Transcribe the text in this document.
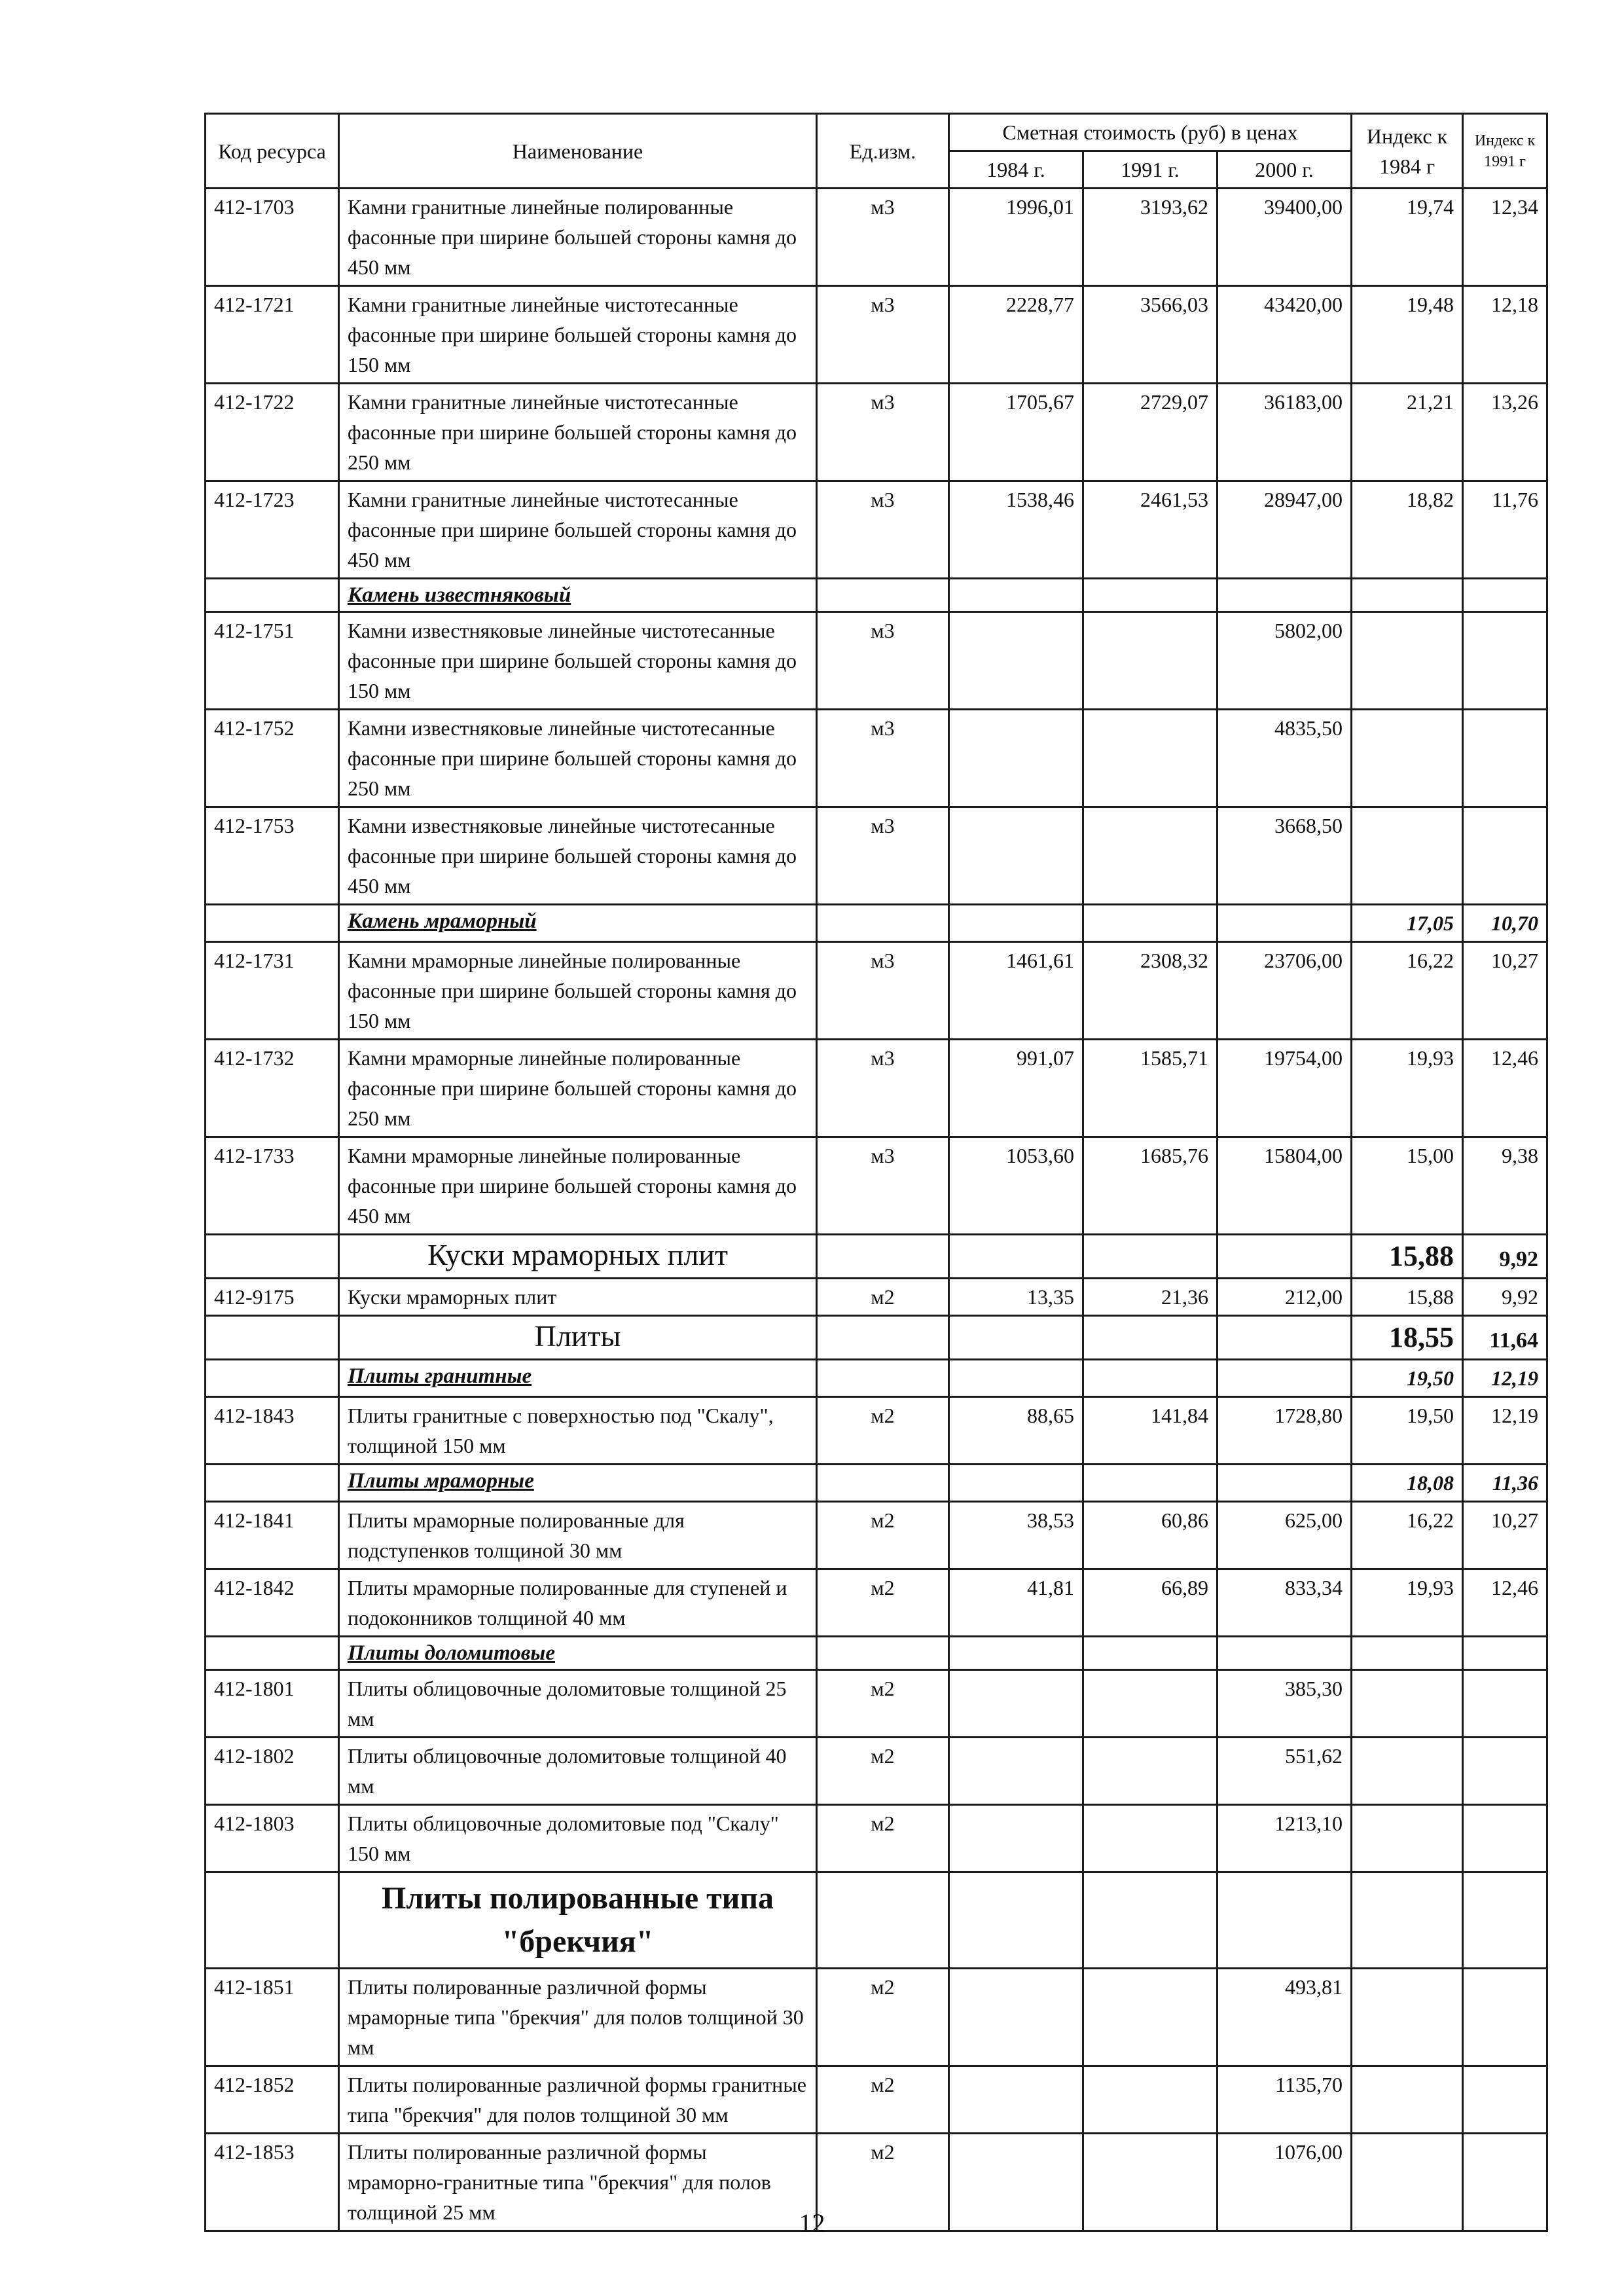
Код ресурса	Наименование	Ед.изм.	Сметная стоимость (руб) в ценах			Индекс к 1984 г	Индекс к 1991 г
			1984 г.	1991 г.	2000 г.		
412-1703	Камни гранитные линейные полированные фасонные при ширине большей стороны камня до 450 мм	м3	1996,01	3193,62	39400,00	19,74	12,34
412-1721	Камни гранитные линейные чистотесанные фасонные при ширине большей стороны камня до 150 мм	м3	2228,77	3566,03	43420,00	19,48	12,18
412-1722	Камни гранитные линейные чистотесанные фасонные при ширине большей стороны камня до 250 мм	м3	1705,67	2729,07	36183,00	21,21	13,26
412-1723	Камни гранитные линейные чистотесанные фасонные при ширине большей стороны камня до 450 мм	м3	1538,46	2461,53	28947,00	18,82	11,76
	Камень известняковый						
412-1751	Камни известняковые линейные чистотесанные фасонные при ширине большей стороны камня до 150 мм	м3			5802,00		
412-1752	Камни известняковые линейные чистотесанные фасонные при ширине большей стороны камня до 250 мм	м3			4835,50		
412-1753	Камни известняковые линейные чистотесанные фасонные при ширине большей стороны камня до 450 мм	м3			3668,50		
	Камень мраморный					17,05	10,70
412-1731	Камни мраморные линейные полированные фасонные при ширине большей стороны камня до 150 мм	м3	1461,61	2308,32	23706,00	16,22	10,27
412-1732	Камни мраморные линейные полированные фасонные при ширине большей стороны камня до 250 мм	м3	991,07	1585,71	19754,00	19,93	12,46
412-1733	Камни мраморные линейные полированные фасонные при ширине большей стороны камня до 450 мм	м3	1053,60	1685,76	15804,00	15,00	9,38
	Куски мраморных плит					15,88	9,92
412-9175	Куски мраморных плит	м2	13,35	21,36	212,00	15,88	9,92
	Плиты					18,55	11,64
	Плиты гранитные					19,50	12,19
412-1843	Плиты гранитные с поверхностью под "Скалу", толщиной 150 мм	м2	88,65	141,84	1728,80	19,50	12,19
	Плиты мраморные					18,08	11,36
412-1841	Плиты мраморные полированные для подступенков толщиной 30 мм	м2	38,53	60,86	625,00	16,22	10,27
412-1842	Плиты мраморные полированные для ступеней и подоконников толщиной 40 мм	м2	41,81	66,89	833,34	19,93	12,46
	Плиты доломитовые						
412-1801	Плиты облицовочные доломитовые толщиной 25 мм	м2			385,30		
412-1802	Плиты облицовочные доломитовые толщиной 40 мм	м2			551,62		
412-1803	Плиты облицовочные доломитовые под "Скалу" 150 мм	м2			1213,10		
	Плиты полированные типа "брекчия"						
412-1851	Плиты полированные различной формы мраморные типа "брекчия" для полов толщиной 30 мм	м2			493,81		
412-1852	Плиты полированные различной формы гранитные типа "брекчия" для полов толщиной 30 мм	м2			1135,70		
412-1853	Плиты полированные различной формы мраморно-гранитные типа "брекчия" для полов толщиной 25 мм	м2			1076,00		
12
